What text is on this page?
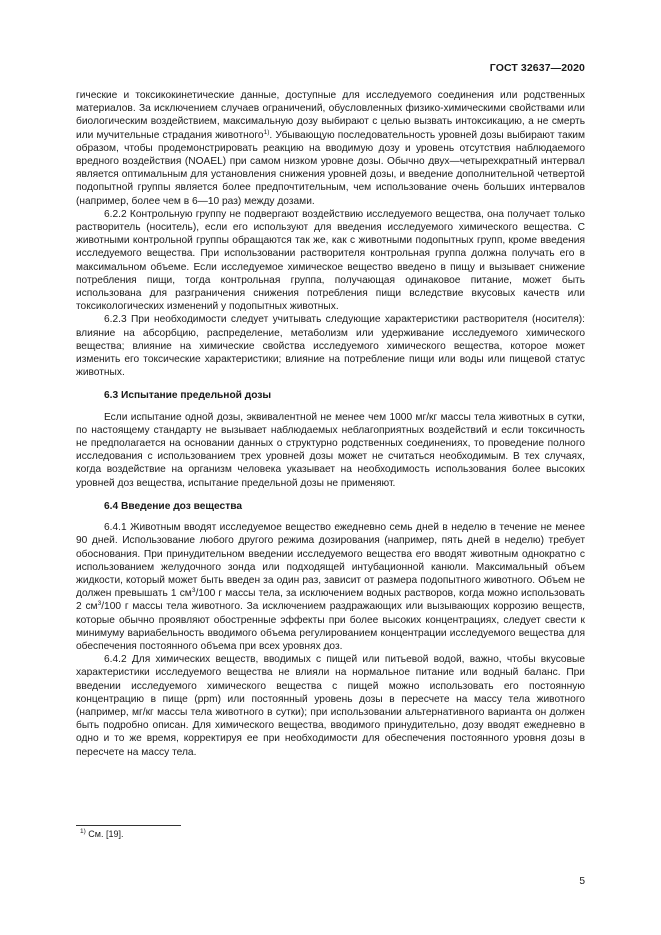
ГОСТ 32637—2020

гические и токсикокинетические данные, доступные для исследуемого соединения или родственных материалов. За исключением случаев ограничений, обусловленных физико-химическими свойствами или биологическим воздействием, максимальную дозу выбирают с целью вызвать интоксикацию, а не смерть или мучительные страдания животного$^{1)}$. Убывающую последовательность уровней дозы выбирают таким образом, чтобы продемонстрировать реакцию на вводимую дозу и уровень отсутствия наблюдаемого вредного воздействия (NOAEL) при самом низком уровне дозы. Обычно двух—четырехкратный интервал является оптимальным для установления снижения уровней дозы, и введение дополнительной четвертой подопытной группы является более предпочтительным, чем использование очень больших интервалов (например, более чем в 6—10 раз) между дозами.

6.2.2 Контрольную группу не подвергают воздействию исследуемого вещества, она получает только растворитель (носитель), если его используют для введения исследуемого химического вещества. С животными контрольной группы обращаются так же, как с животными подопытных групп, кроме введения исследуемого вещества. При использовании растворителя контрольная группа должна получать его в максимальном объеме. Если исследуемое химическое вещество введено в пищу и вызывает снижение потребления пищи, тогда контрольная группа, получающая одинаковое питание, может быть использована для разграничения снижения потребления пищи вследствие вкусовых качеств или токсикологических изменений у подопытных животных.

6.2.3 При необходимости следует учитывать следующие характеристики растворителя (носителя): влияние на абсорбцию, распределение, метаболизм или удерживание исследуемого химического вещества; влияние на химические свойства исследуемого химического вещества, которое может изменить его токсические характеристики; влияние на потребление пищи или воды или пищевой статус животных.

6.3 Испытание предельной дозы

Если испытание одной дозы, эквивалентной не менее чем 1000 мг/кг массы тела животных в сутки, по настоящему стандарту не вызывает наблюдаемых неблагоприятных воздействий и если токсичность не предполагается на основании данных о структурно родственных соединениях, то проведение полного исследования с использованием трех уровней дозы может не считаться необходимым. В тех случаях, когда воздействие на организм человека указывает на необходимость использования более высоких уровней доз вещества, испытание предельной дозы не применяют.

6.4 Введение доз вещества

6.4.1 Животным вводят исследуемое вещество ежедневно семь дней в неделю в течение не менее 90 дней. Использование любого другого режима дозирования (например, пять дней в неделю) требует обоснования. При принудительном введении исследуемого вещества его вводят животным однократно с использованием желудочного зонда или подходящей интубационной канюли. Максимальный объем жидкости, который может быть введен за один раз, зависит от размера подопытного животного. Объем не должен превышать 1 $см^3/100$ г массы тела, за исключением водных растворов, когда можно использовать 2 $см^3/100$ г массы тела животного. За исключением раздражающих или вызывающих коррозию веществ, которые обычно проявляют обостренные эффекты при более высоких концентрациях, следует свести к минимуму вариабельность вводимого объема регулированием концентрации исследуемого вещества для обеспечения постоянного объема при всех уровнях доз.

6.4.2 Для химических веществ, вводимых с пищей или питьевой водой, важно, чтобы вкусовые характеристики исследуемого вещества не влияли на нормальное питание или водный баланс. При введении исследуемого химического вещества с пищей можно использовать его постоянную концентрацию в пище (ppm) или постоянный уровень дозы в пересчете на массу тела животного (например, мг/кг массы тела животного в сутки); при использовании альтернативного варианта он должен быть подробно описан. Для химического вещества, вводимого принудительно, дозу вводят ежедневно в одно и то же время, корректируя ее при необходимости для обеспечения постоянного уровня дозы в пересчете на массу тела.

$^{1)}$ См. [19].
5
